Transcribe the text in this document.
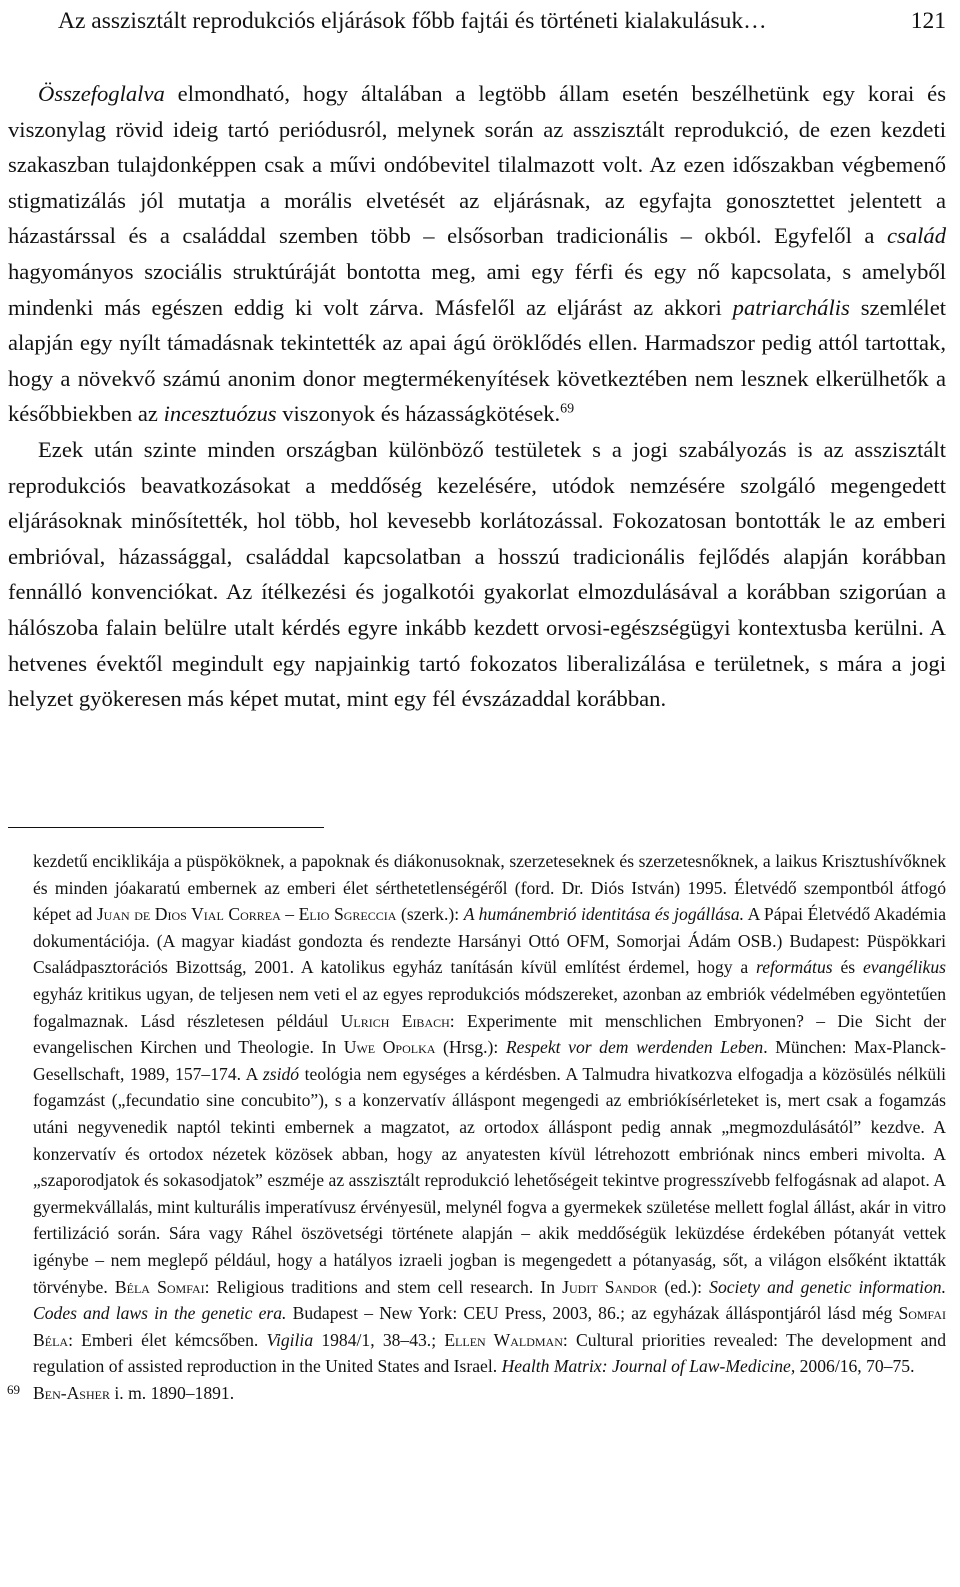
Az asszisztált reprodukciós eljárások főbb fajtái és történeti kialakulásuk…	121

Összefoglalva elmondható, hogy általában a legtöbb állam esetén beszélhetünk egy korai és viszonylag rövid ideig tartó periódusról, melynek során az asszisztált reprodukció, de ezen kezdeti szakaszban tulajdonképpen csak a művi ondóbevitel tilalmazott volt. Az ezen időszakban végbemenő stigmatizálás jól mutatja a morális elvetését az eljárásnak, az egyfajta gonosztettet jelentett a házastárssal és a családdal szemben több – elsősorban tradicionális – okból. Egyfelől a család hagyományos szociális struktúráját bontotta meg, ami egy férfi és egy nő kapcsolata, s amelyből mindenki más egészen eddig ki volt zárva. Másfelől az eljárást az akkori patriarchális szemlélet alapján egy nyílt támadásnak tekintették az apai ágú öröklődés ellen. Harmadszor pedig attól tartottak, hogy a növekvő számú anonim donor megtermékenyítések következtében nem lesznek elkerülhetők a későbbiekben az incesztuózus viszonyok és házasságkötések.$^{69}$

Ezek után szinte minden országban különböző testületek s a jogi szabályozás is az asszisztált reprodukciós beavatkozásokat a meddőség kezelésére, utódok nemzésére szolgáló megengedett eljárásoknak minősítették, hol több, hol kevesebb korlátozással. Fokozatosan bontották le az emberi embrióval, házassággal, családdal kapcsolatban a hosszú tradicionális fejlődés alapján korábban fennálló konvenciókat. Az ítélkezési és jogalkotói gyakorlat elmozdulásával a korábban szigorúan a hálószoba falain belülre utalt kérdés egyre inkább kezdett orvosi-egészségügyi kontextusba kerülni. A hetvenes évektől megindult egy napjainkig tartó fokozatos liberalizálása e területnek, s mára a jogi helyzet gyökeresen más képet mutat, mint egy fél évszázaddal korábban.

kezdetű enciklikája a püspököknek, a papoknak és diákonusoknak, szerzeteseknek és szerzetesnőknek, a laikus Krisztushívőknek és minden jóakaratú embernek az emberi élet sérthetetlenségéről (ford. Dr. Diós István) 1995. Életvédő szempontból átfogó képet ad Juan de Dios Vial Correa – Elio Sgreccia (szerk.): A humánembrió identitása és jogállása. A Pápai Életvédő Akadémia dokumentációja. (A magyar kiadást gondozta és rendezte Harsányi Ottó OFM, Somorjai Ádám OSB.) Budapest: Püspökkari Családpasztorációs Bizottság, 2001. A katolikus egyház tanításán kívül említést érdemel, hogy a református és evangélikus egyház kritikus ugyan, de teljesen nem veti el az egyes reprodukciós módszereket, azonban az embriók védelmében egyöntetűen fogalmaznak. Lásd részletesen például Ulrich Eibach: Experimente mit menschlichen Embryonen? – Die Sicht der evangelischen Kirchen und Theologie. In Uwe Opolka (Hrsg.): Respekt vor dem werdenden Leben. München: Max-Planck-Gesellschaft, 1989, 157–174. A zsidó teológia nem egységes a kérdésben. A Talmudra hivatkozva elfogadja a közösülés nélküli fogamzást („fecundatio sine concubito”), s a konzervatív álláspont megengedi az embriókísérleteket is, mert csak a fogamzás utáni negyvenedik naptól tekinti embernek a magzatot, az ortodox álláspont pedig annak „megmozdulásától” kezdve. A konzervatív és ortodox nézetek közösek abban, hogy az anyatesten kívül létrehozott embriónak nincs emberi mivolta. A „szaporodjatok és sokasodjatok” eszméje az asszisztált reprodukció lehetőségeit tekintve progresszívebb felfogásnak ad alapot. A gyermekvállalás, mint kulturális imperatívusz érvényesül, melynél fogva a gyermekek születése mellett foglal állást, akár in vitro fertilizáció során. Sára vagy Ráhel öszövetségi története alapján – akik meddőségük leküzdése érdekében pótanyát vettek igénybe – nem meglepő például, hogy a hatályos izraeli jogban is megengedett a pótanyaság, sőt, a világon elsőként iktatták törvénybe. Béla Somfai: Religious traditions and stem cell research. In Judit Sandor (ed.): Society and genetic information. Codes and laws in the genetic era. Budapest – New York: CEU Press, 2003, 86.; az egyházak álláspontjáról lásd még Somfai Béla: Emberi élet kémcsőben. Vigilia 1984/1, 38–43.; Ellen Waldman: Cultural priorities revealed: The development and regulation of assisted reproduction in the United States and Israel. Health Matrix: Journal of Law-Medicine, 2006/16, 70–75.

69 Ben-Asher i. m. 1890–1891.
